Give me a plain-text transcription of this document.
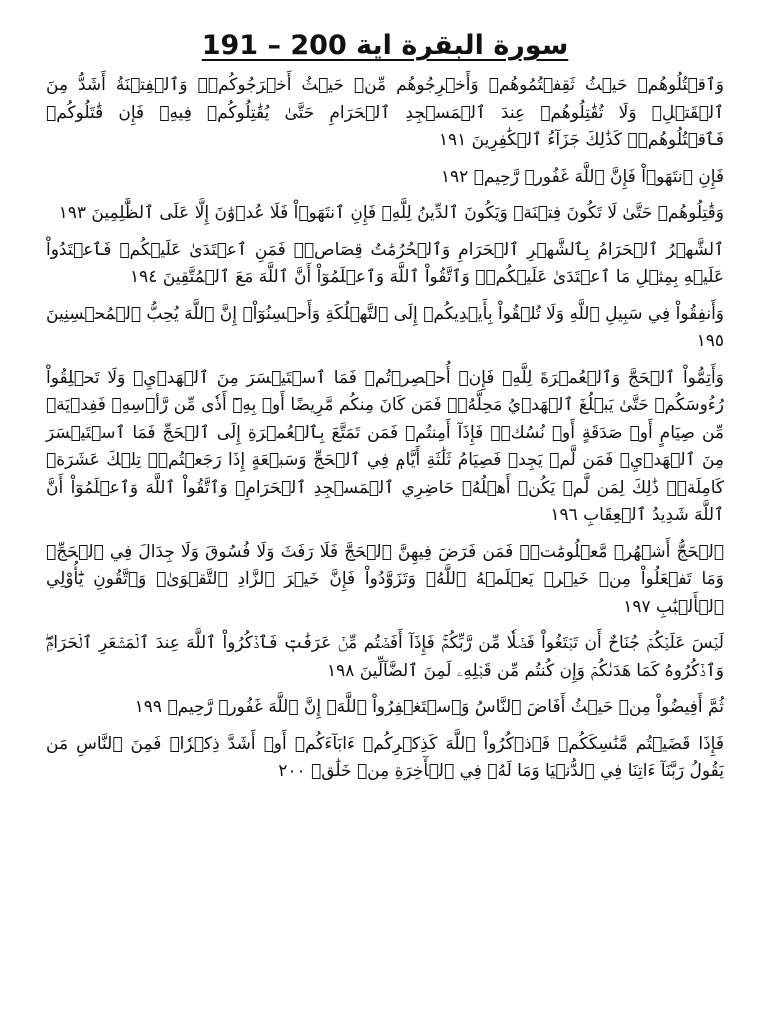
سورة البقرة اية 200 – 191

وَٱقۡتُلُوهُمۡ حَيۡثُ ثَقِفۡتُمُوهُمۡ وَأَخۡرِجُوهُم مِّنۡ حَيۡثُ أَخۡرَجُوكُمۡۚ وَٱلۡفِتۡنَةُ أَشَدُّ مِنَ ٱلۡقَتۡلِۚ وَلَا تُقَٰتِلُوهُمۡ عِندَ ٱلۡمَسۡجِدِ ٱلۡحَرَامِ حَتَّىٰ يُقَٰتِلُوكُمۡ فِيهِۖ فَإِن قَٰتَلُوكُمۡ فَٱقۡتُلُوهُمۡۗ كَذَٰلِكَ جَزَآءُ ٱلۡكَٰفِرِينَ ١٩١

فَإِنِ ٱنتَهَوۡاْ فَإِنَّ ٱللَّهَ غَفُورٞ رَّحِيمٞ ١٩٢

وَقَٰتِلُوهُمۡ حَتَّىٰ لَا تَكُونَ فِتۡنَةٞ وَيَكُونَ ٱلدِّينُ لِلَّهِۖ فَإِنِ ٱنتَهَوۡاْ فَلَا عُدۡوَٰنَ إِلَّا عَلَى ٱلظَّٰلِمِينَ ١٩٣

ٱلشَّهۡرُ ٱلۡحَرَامُ بِٱلشَّهۡرِ ٱلۡحَرَامِ وَٱلۡحُرُمَٰتُ قِصَاصٞۚ فَمَنِ ٱعۡتَدَىٰ عَلَيۡكُمۡ فَٱعۡتَدُواْ عَلَيۡهِ بِمِثۡلِ مَا ٱعۡتَدَىٰ عَلَيۡكُمۡۚ وَٱتَّقُواْ ٱللَّهَ وَٱعۡلَمُوٓاْ أَنَّ ٱللَّهَ مَعَ ٱلۡمُتَّقِينَ ١٩٤

وَأَنفِقُواْ فِي سَبِيلِ ٱللَّهِ وَلَا تُلۡقُواْ بِأَيۡدِيكُمۡ إِلَى ٱلتَّهۡلُكَةِ وَأَحۡسِنُوٓاْۚ إِنَّ ٱللَّهَ يُحِبُّ ٱلۡمُحۡسِنِينَ ١٩٥

وَأَتِمُّواْ ٱلۡحَجَّ وَٱلۡعُمۡرَةَ لِلَّهِۚ فَإِنۡ أُحۡصِرۡتُمۡ فَمَا ٱسۡتَيۡسَرَ مِنَ ٱلۡهَدۡيِۖ وَلَا تَحۡلِقُواْ رُءُوسَكُمۡ حَتَّىٰ يَبۡلُغَ ٱلۡهَدۡيُ مَحِلَّهُۥۚ فَمَن كَانَ مِنكُم مَّرِيضًا أَوۡ بِهِۦٓ أَذٗى مِّن رَّأۡسِهِۦ فَفِدۡيَةٞ مِّن صِيَامٍ أَوۡ صَدَقَةٍ أَوۡ نُسُكٖۚ فَإِذَآ أَمِنتُمۡ فَمَن تَمَتَّعَ بِٱلۡعُمۡرَةِ إِلَى ٱلۡحَجِّ فَمَا ٱسۡتَيۡسَرَ مِنَ ٱلۡهَدۡيِۚ فَمَن لَّمۡ يَجِدۡ فَصِيَامُ ثَلَٰثَةِ أَيَّامٖ فِي ٱلۡحَجِّ وَسَبۡعَةٍ إِذَا رَجَعۡتُمۡۗ تِلۡكَ عَشَرَةٞ كَامِلَةٞۗ ذَٰلِكَ لِمَن لَّمۡ يَكُنۡ أَهۡلُهُۥ حَاضِرِي ٱلۡمَسۡجِدِ ٱلۡحَرَامِۚ وَٱتَّقُواْ ٱللَّهَ وَٱعۡلَمُوٓاْ أَنَّ ٱللَّهَ شَدِيدُ ٱلۡعِقَابِ ١٩٦

ٱلۡحَجُّ أَشۡهُرٞ مَّعۡلُومَٰتٞۚ فَمَن فَرَضَ فِيهِنَّ ٱلۡحَجَّ فَلَا رَفَثَ وَلَا فُسُوقَ وَلَا جِدَالَ فِي ٱلۡحَجِّۗ وَمَا تَفۡعَلُواْ مِنۡ خَيۡرٖ يَعۡلَمۡهُ ٱللَّهُۗ وَتَزَوَّدُواْ فَإِنَّ خَيۡرَ ٱلزَّادِ ٱلتَّقۡوَىٰۖ وَٱتَّقُونِ يَٰٓأُوْلِي ٱلۡأَلۡبَٰبِ ١٩٧

لَيۡسَ عَلَيۡكُمۡ جُنَاحٌ أَن تَبۡتَغُواْ فَضۡلٗا مِّن رَّبِّكُمۡۚ فَإِذَآ أَفَضۡتُم مِّنۡ عَرَفَٰتٖ فَٱذۡكُرُواْ ٱللَّهَ عِندَ ٱلۡمَشۡعَرِ ٱلۡحَرَامِۖ وَٱذۡكُرُوهُ كَمَا هَدَىٰكُمۡ وَإِن كُنتُم مِّن قَبۡلِهِۦ لَمِنَ ٱلضَّآلِّينَ ١٩٨

ثُمَّ أَفِيضُواْ مِنۡ حَيۡثُ أَفَاضَ ٱلنَّاسُ وَٱسۡتَغۡفِرُواْ ٱللَّهَۚ إِنَّ ٱللَّهَ غَفُورٞ رَّحِيمٞ ١٩٩

فَإِذَا قَضَيۡتُم مَّنَٰسِكَكُمۡ فَٱذۡكُرُواْ ٱللَّهَ كَذِكۡرِكُمۡ ءَابَآءَكُمۡ أَوۡ أَشَدَّ ذِكۡرٗاۗ فَمِنَ ٱلنَّاسِ مَن يَقُولُ رَبَّنَآ ءَاتِنَا فِي ٱلدُّنۡيَا وَمَا لَهُۥ فِي ٱلۡأٓخِرَةِ مِنۡ خَلَٰقٖ ٢٠٠
